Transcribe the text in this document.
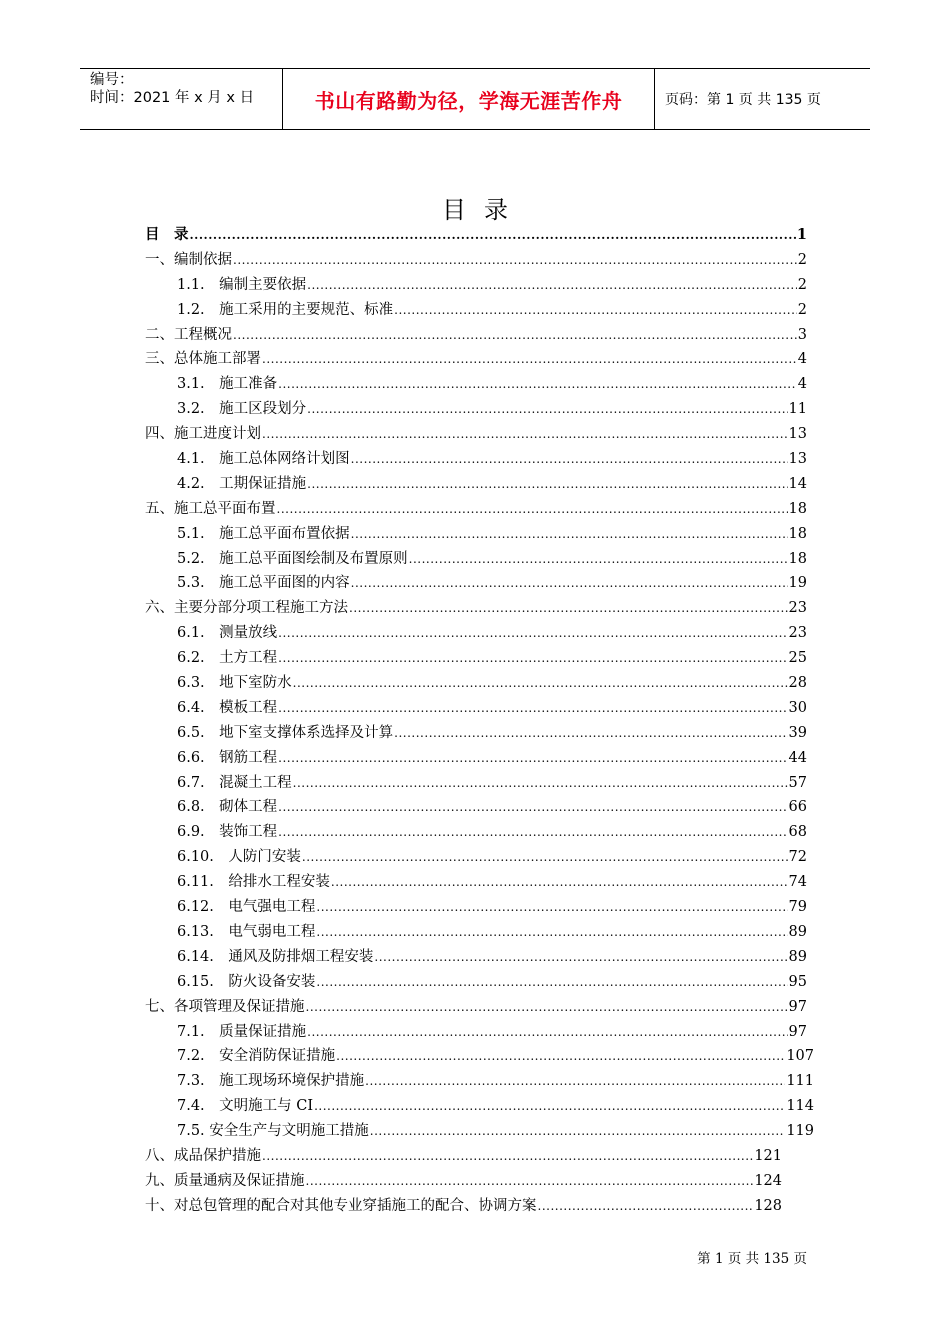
编号：
时间：2021 年 x 月 x 日	书山有路勤为径，学海无涯苦作舟	页码：第 1 页 共 135 页
目录
目　录 .....	1
一、编制依据 .....	2
1.1.　编制主要依据 .....	2
1.2.　施工采用的主要规范、标准 .....	2
二、工程概况 .....	3
三、总体施工部署 .....	4
3.1.　施工准备 .....	4
3.2.　施工区段划分 .....	11
四、施工进度计划 .....	13
4.1.　施工总体网络计划图 .....	13
4.2.　工期保证措施 .....	14
五、施工总平面布置 .....	18
5.1.　施工总平面布置依据 .....	18
5.2.　施工总平面图绘制及布置原则 .....	18
5.3.　施工总平面图的内容 .....	19
六、主要分部分项工程施工方法 .....	23
6.1.　测量放线 .....	23
6.2.　土方工程 .....	25
6.3.　地下室防水 .....	28
6.4.　模板工程 .....	30
6.5.　地下室支撑体系选择及计算 .....	39
6.6.　钢筋工程 .....	44
6.7.　混凝土工程 .....	57
6.8.　砌体工程 .....	66
6.9.　装饰工程 .....	68
6.10.　人防门安装 .....	72
6.11.　给排水工程安装 .....	74
6.12.　电气强电工程 .....	79
6.13.　电气弱电工程 .....	89
6.14.　通风及防排烟工程安装 .....	89
6.15.　防火设备安装 .....	95
七、各项管理及保证措施 .....	97
7.1.　质量保证措施 .....	97
7.2.　安全消防保证措施 .....	107
7.3.　施工现场环境保护措施 .....	111
7.4.　文明施工与 CI .....	114
7.5. 安全生产与文明施工措施 .....	119
八、成品保护措施 .....	121
九、质量通病及保证措施 .....	124
十、对总包管理的配合对其他专业穿插施工的配合、协调方案 .....	128
第 1 页 共 135 页
